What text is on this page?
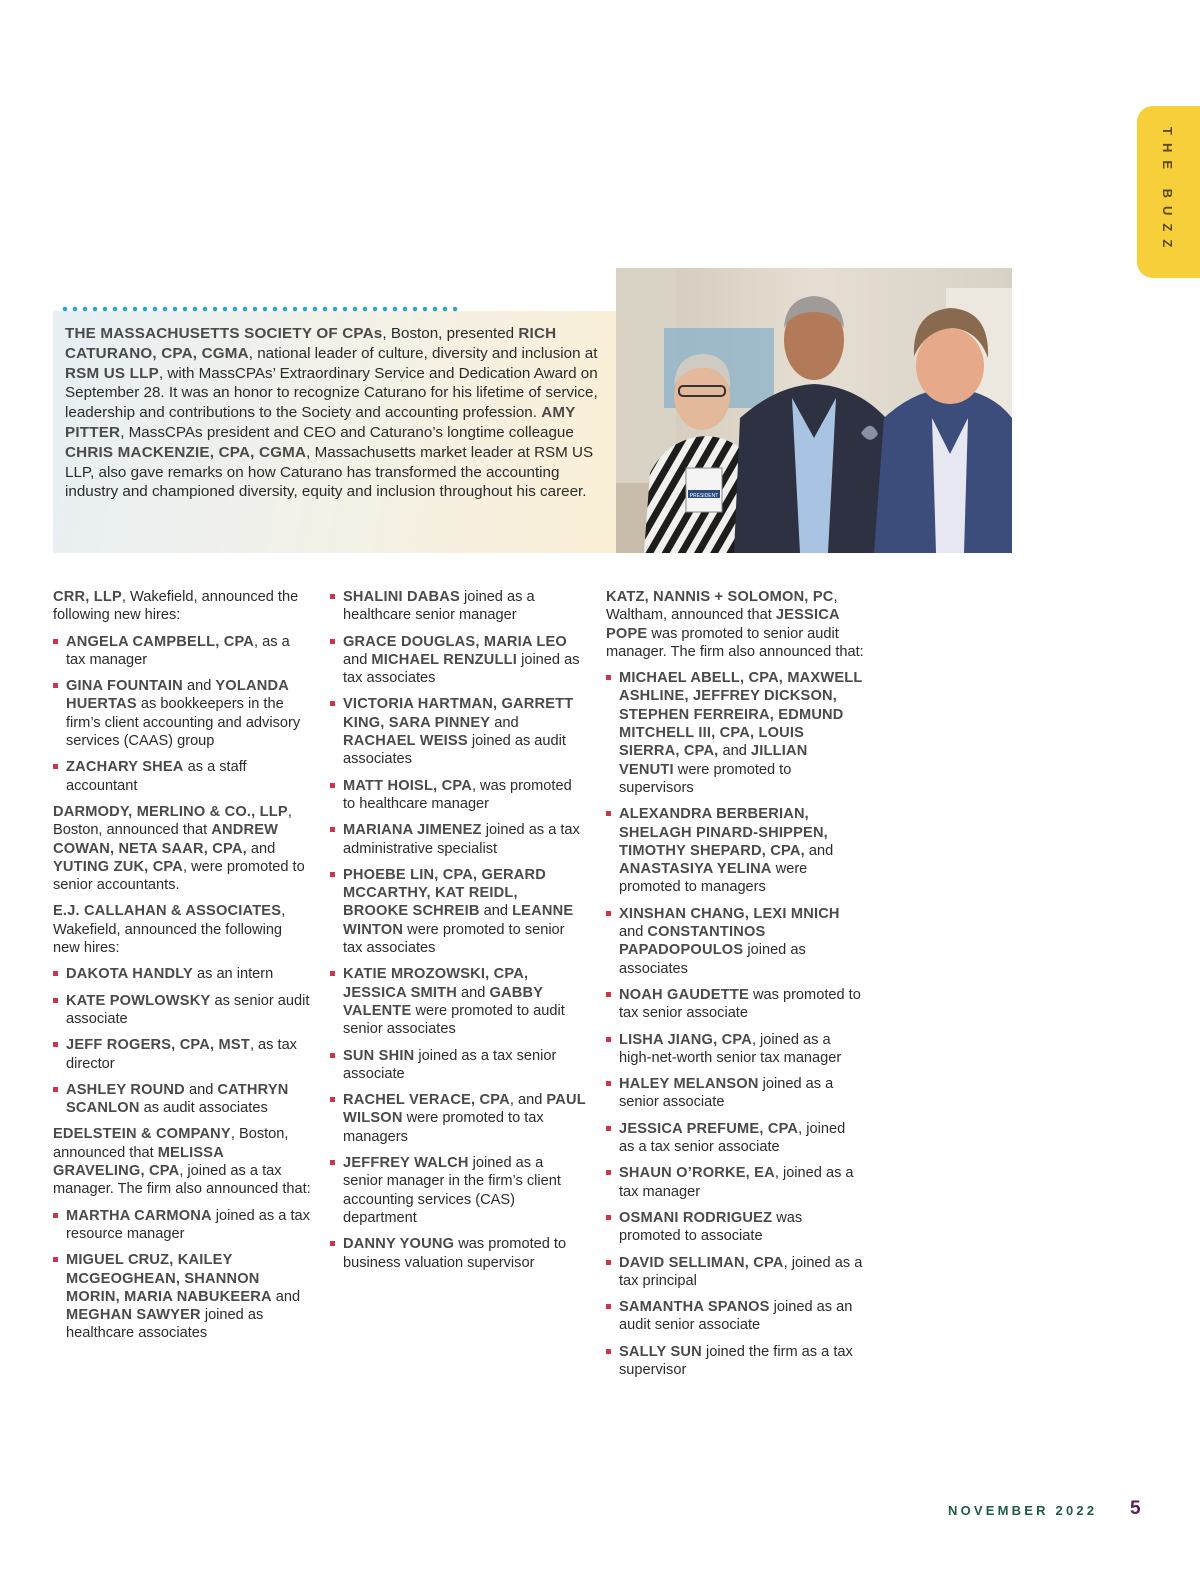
THE BUZZ
THE MASSACHUSETTS SOCIETY OF CPAs, Boston, presented RICH CATURANO, CPA, CGMA, national leader of culture, diversity and inclusion at RSM US LLP, with MassCPAs’ Extraordinary Service and Dedication Award on September 28. It was an honor to recognize Caturano for his lifetime of service, leadership and contributions to the Society and accounting profession. AMY PITTER, MassCPAs president and CEO and Caturano’s longtime colleague CHRIS MACKENZIE, CPA, CGMA, Massachusetts market leader at RSM US LLP, also gave remarks on how Caturano has transformed the accounting industry and championed diversity, equity and inclusion throughout his career.	PRESIDENT

CRR, LLP, Wakefield, announced the following new hires:

ANGELA CAMPBELL, CPA, as a tax manager
GINA FOUNTAIN and YOLANDA HUERTAS as bookkeepers in the firm’s client accounting and advisory services (CAAS) group
ZACHARY SHEA as a staff accountant

DARMODY, MERLINO & CO., LLP, Boston, announced that ANDREW COWAN, NETA SAAR, CPA, and YUTING ZUK, CPA, were promoted to senior accountants.

E.J. CALLAHAN & ASSOCIATES, Wakefield, announced the following new hires:

DAKOTA HANDLY as an intern
KATE POWLOWSKY as senior audit associate
JEFF ROGERS, CPA, MST, as tax director
ASHLEY ROUND and CATHRYN SCANLON as audit associates

EDELSTEIN & COMPANY, Boston, announced that MELISSA GRAVELING, CPA, joined as a tax manager. The firm also announced that:

MARTHA CARMONA joined as a tax resource manager
MIGUEL CRUZ, KAILEY MCGEOGHEAN, SHANNON MORIN, MARIA NABUKEERA and MEGHAN SAWYER joined as healthcare associates
SHALINI DABAS joined as a healthcare senior manager
GRACE DOUGLAS, MARIA LEO and MICHAEL RENZULLI joined as tax associates
VICTORIA HARTMAN, GARRETT KING, SARA PINNEY and RACHAEL WEISS joined as audit associates
MATT HOISL, CPA, was promoted to healthcare manager
MARIANA JIMENEZ joined as a tax administrative specialist
PHOEBE LIN, CPA, GERARD MCCARTHY, KAT REIDL, BROOKE SCHREIB and LEANNE WINTON were promoted to senior tax associates
KATIE MROZOWSKI, CPA, JESSICA SMITH and GABBY VALENTE were promoted to audit senior associates
SUN SHIN joined as a tax senior associate
RACHEL VERACE, CPA, and PAUL WILSON were promoted to tax managers
JEFFREY WALCH joined as a senior manager in the firm’s client accounting services (CAS) department
DANNY YOUNG was promoted to business valuation supervisor

KATZ, NANNIS + SOLOMON, PC, Waltham, announced that JESSICA POPE was promoted to senior audit manager. The firm also announced that:

MICHAEL ABELL, CPA, MAXWELL ASHLINE, JEFFREY DICKSON, STEPHEN FERREIRA, EDMUND MITCHELL III, CPA, LOUIS SIERRA, CPA, and JILLIAN VENUTI were promoted to supervisors
ALEXANDRA BERBERIAN, SHELAGH PINARD-SHIPPEN, TIMOTHY SHEPARD, CPA, and ANASTASIYA YELINA were promoted to managers
XINSHAN CHANG, LEXI MNICH and CONSTANTINOS PAPADOPOULOS joined as associates
NOAH GAUDETTE was promoted to tax senior associate
LISHA JIANG, CPA, joined as a high-net-worth senior tax manager
HALEY MELANSON joined as a senior associate
JESSICA PREFUME, CPA, joined as a tax senior associate
SHAUN O’RORKE, EA, joined as a tax manager
OSMANI RODRIGUEZ was promoted to associate
DAVID SELLIMAN, CPA, joined as a tax principal
SAMANTHA SPANOS joined as an audit senior associate
SALLY SUN joined the firm as a tax supervisor
NOVEMBER 2022 5
